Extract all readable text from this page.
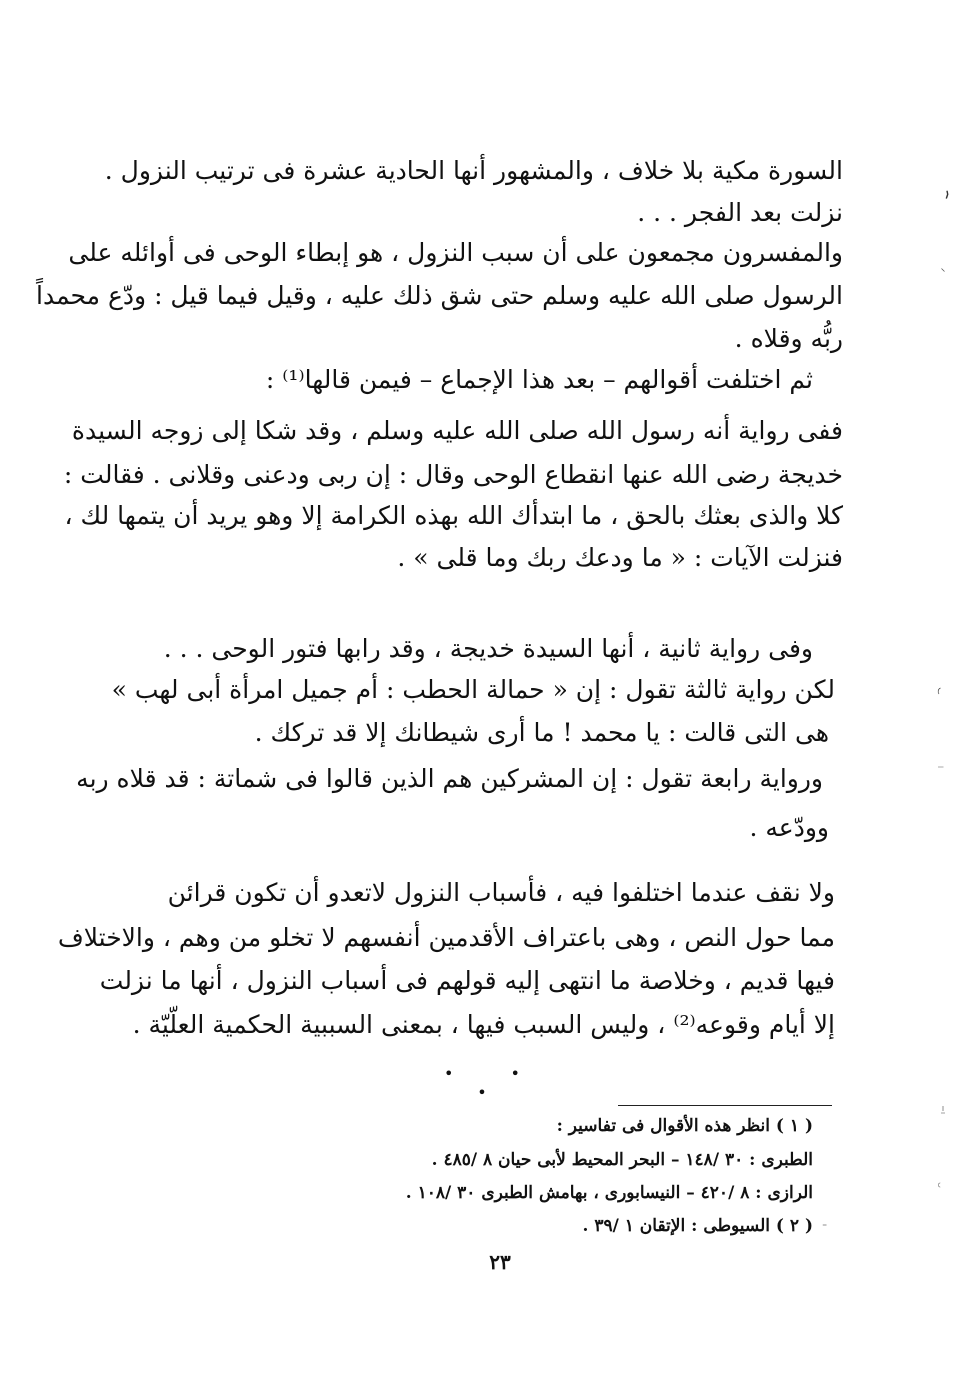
السورة مكية بلا خلاف ، والمشهور أنها الحادية عشرة فى ترتيب النزول .
نزلت بعد الفجر . . .
والمفسرون مجمعون على أن سبب النزول ، هو إبطاء الوحى فى أوائله على
الرسول صلى الله عليه وسلم حتى شق ذلك عليه ، وقيل فيما قيل : ودّع محمداً
ربُّه وقلاه .
ثم اختلفت أقوالهم – بعد هذا الإجماع – فيمن قالها⁽¹⁾ :
ففى رواية أنه رسول الله صلى الله عليه وسلم ، وقد شكا إلى زوجه السيدة
خديجة رضى الله عنها انقطاع الوحى وقال : إن ربى ودعنى وقلانى . فقالت :
كلا والذى بعثك بالحق ، ما ابتدأك الله بهذه الكرامة إلا وهو يريد أن يتمها لك ،
فنزلت الآيات : « ما ودعك ربك وما قلى » .
وفى رواية ثانية ، أنها السيدة خديجة ، وقد رابها فتور الوحى . . .
لكن رواية ثالثة تقول : إن « حمالة الحطب : أم جميل امرأة أبى لهب »
هى التى قالت : يا محمد ! ما أرى شيطانك إلا قد تركك .
ورواية رابعة تقول : إن المشركين هم الذين قالوا فى شماتة : قد قلاه ربه
وودّعه .
ولا نقف عندما اختلفوا فيه ، فأسباب النزول لاتعدو أن تكون قرائن
مما حول النص ، وهى باعتراف الأقدمين أنفسهم لا تخلو من وهم ، والاختلاف
فيها قديم ، وخلاصة ما انتهى إليه قولهم فى أسباب النزول ، أنها ما نزلت
إلا أيام وقوعه⁽²⁾ ، وليس السبب فيها ، بمعنى السببية الحكمية العلّيّة .
• • •
( ١ ) انظر هذه الأقوال فى تفاسير :
الطبرى : ٣٠ /١٤٨ – البحر المحيط لأبى حيان ٨ /٤٨٥ .
الرازى : ٨ /٤٢٠ – النيسابورى ، بهامش الطبرى ٣٠ /١٠٨ .
( ٢ ) السيوطى : الإتقان ١ /٣٩ .
٢٣
